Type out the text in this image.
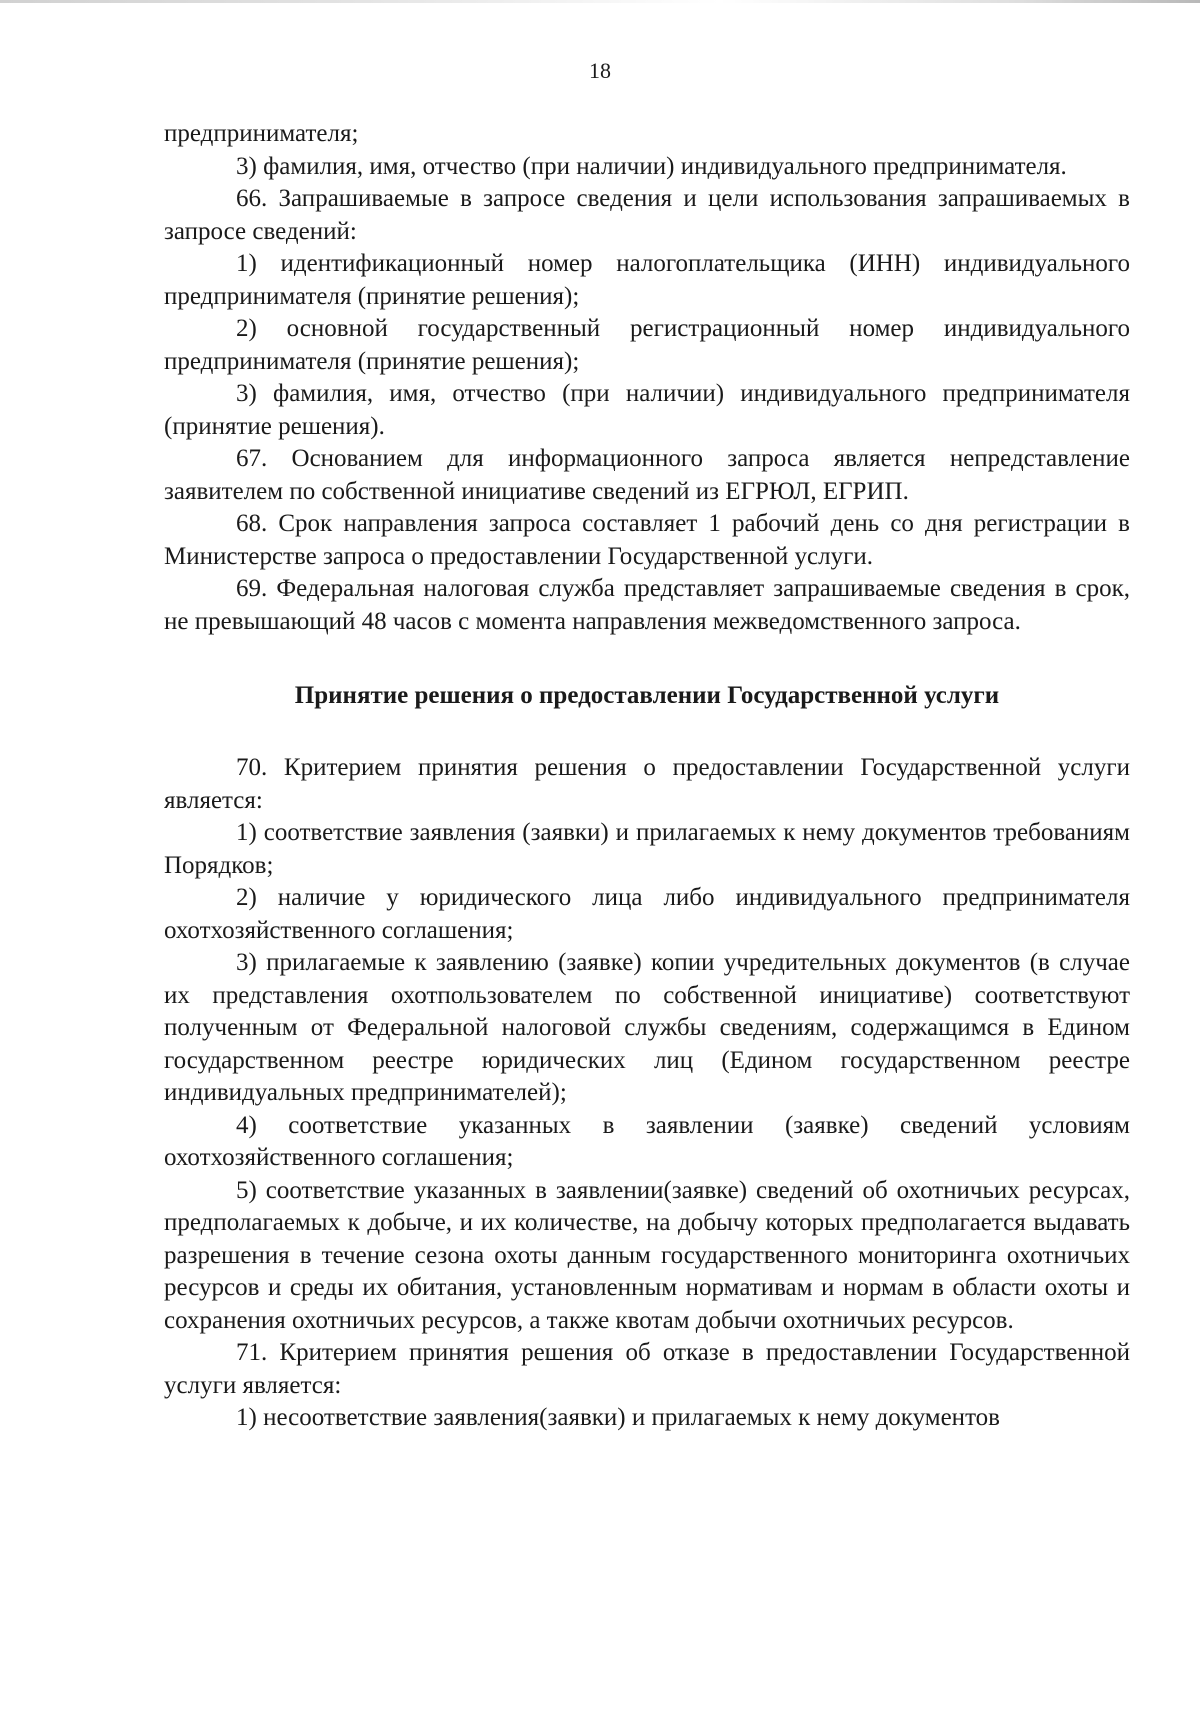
18

предпринимателя;

3) фамилия, имя, отчество (при наличии) индивидуального предпринимателя.

66. Запрашиваемые в запросе сведения и цели использования запрашиваемых в запросе сведений:

1) идентификационный номер налогоплательщика (ИНН) индивидуального предпринимателя (принятие решения);

2) основной государственный регистрационный номер индивидуального предпринимателя (принятие решения);

3) фамилия, имя, отчество (при наличии) индивидуального предпринимателя (принятие решения).

67. Основанием для информационного запроса является непредставление заявителем по собственной инициативе сведений из ЕГРЮЛ, ЕГРИП.

68. Срок направления запроса составляет 1 рабочий день со дня регистрации в Министерстве запроса о предоставлении Государственной услуги.

69. Федеральная налоговая служба представляет запрашиваемые сведения в срок, не превышающий 48 часов с момента направления межведомственного запроса.

Принятие решения о предоставлении Государственной услуги

70. Критерием принятия решения о предоставлении Государственной услуги является:

1) соответствие заявления (заявки) и прилагаемых к нему документов требованиям Порядков;

2) наличие у юридического лица либо индивидуального предпринимателя охотхозяйственного соглашения;

3) прилагаемые к заявлению (заявке) копии учредительных документов (в случае их представления охотпользователем по собственной инициативе) соответствуют полученным от Федеральной налоговой службы сведениям, содержащимся в Едином государственном реестре юридических лиц (Едином государственном реестре индивидуальных предпринимателей);

4) соответствие указанных в заявлении (заявке) сведений условиям охотхозяйственного соглашения;

5) соответствие указанных в заявлении(заявке) сведений об охотничьих ресурсах, предполагаемых к добыче, и их количестве, на добычу которых предполагается выдавать разрешения в течение сезона охоты данным государственного мониторинга охотничьих ресурсов и среды их обитания, установленным нормативам и нормам в области охоты и сохранения охотничьих ресурсов, а также квотам добычи охотничьих ресурсов.

71. Критерием принятия решения об отказе в предоставлении Государственной услуги является:

1) несоответствие заявления(заявки) и прилагаемых к нему документов
